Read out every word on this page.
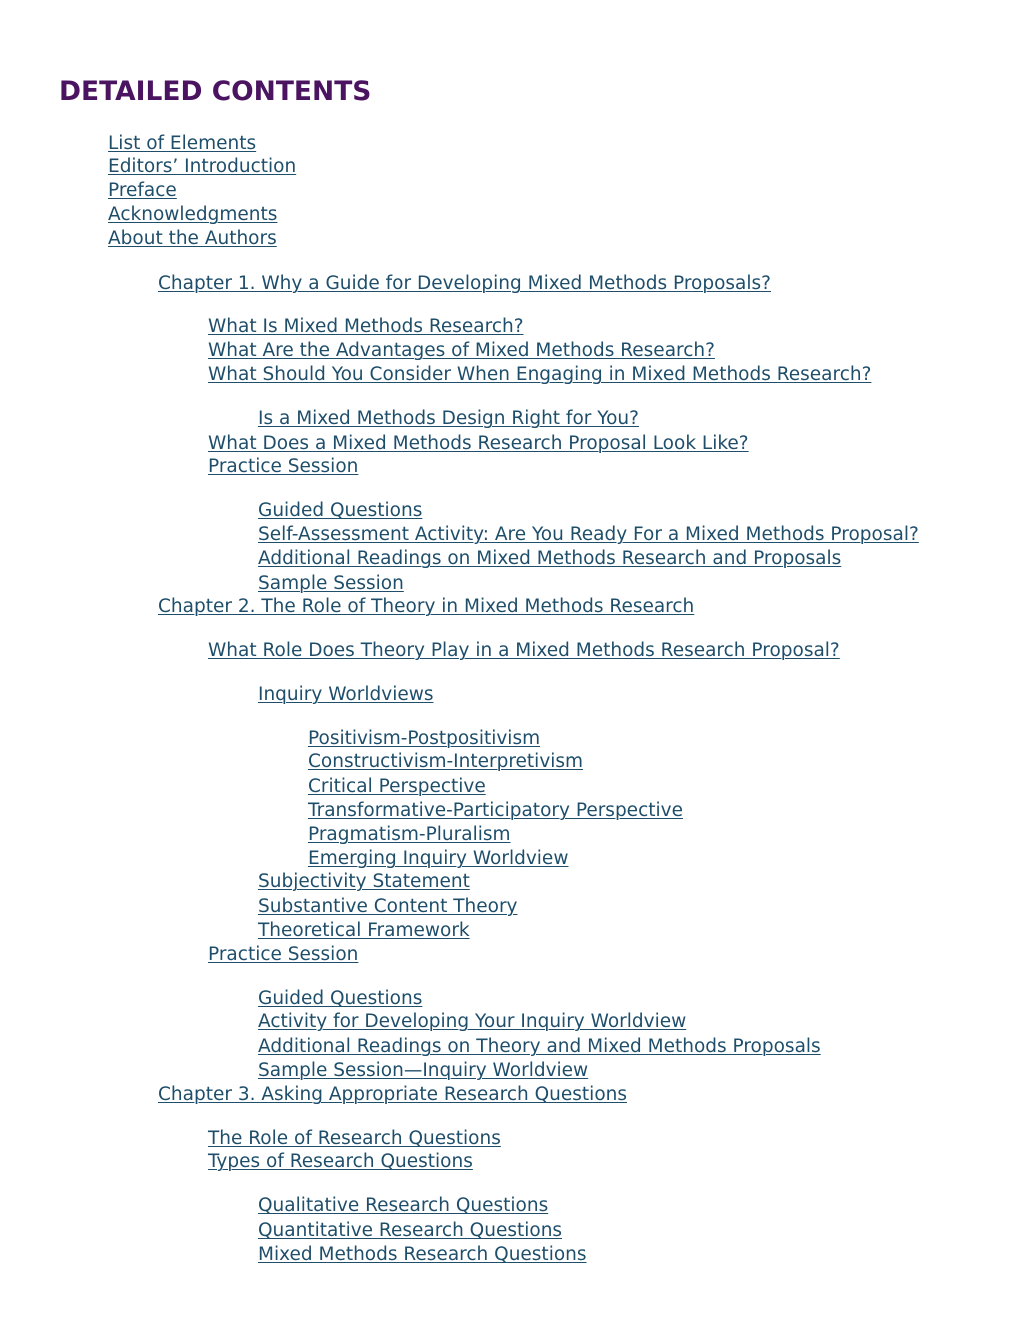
DETAILED CONTENTS
List of Elements
Editors’ Introduction
Preface
Acknowledgments
About the Authors
Chapter 1. Why a Guide for Developing Mixed Methods Proposals?
What Is Mixed Methods Research?
What Are the Advantages of Mixed Methods Research?
What Should You Consider When Engaging in Mixed Methods Research?
Is a Mixed Methods Design Right for You?
What Does a Mixed Methods Research Proposal Look Like?
Practice Session
Guided Questions
Self-Assessment Activity: Are You Ready For a Mixed Methods Proposal?
Additional Readings on Mixed Methods Research and Proposals
Sample Session
Chapter 2. The Role of Theory in Mixed Methods Research
What Role Does Theory Play in a Mixed Methods Research Proposal?
Inquiry Worldviews
Positivism-Postpositivism
Constructivism-Interpretivism
Critical Perspective
Transformative-Participatory Perspective
Pragmatism-Pluralism
Emerging Inquiry Worldview
Subjectivity Statement
Substantive Content Theory
Theoretical Framework
Practice Session
Guided Questions
Activity for Developing Your Inquiry Worldview
Additional Readings on Theory and Mixed Methods Proposals
Sample Session—Inquiry Worldview
Chapter 3. Asking Appropriate Research Questions
The Role of Research Questions
Types of Research Questions
Qualitative Research Questions
Quantitative Research Questions
Mixed Methods Research Questions
